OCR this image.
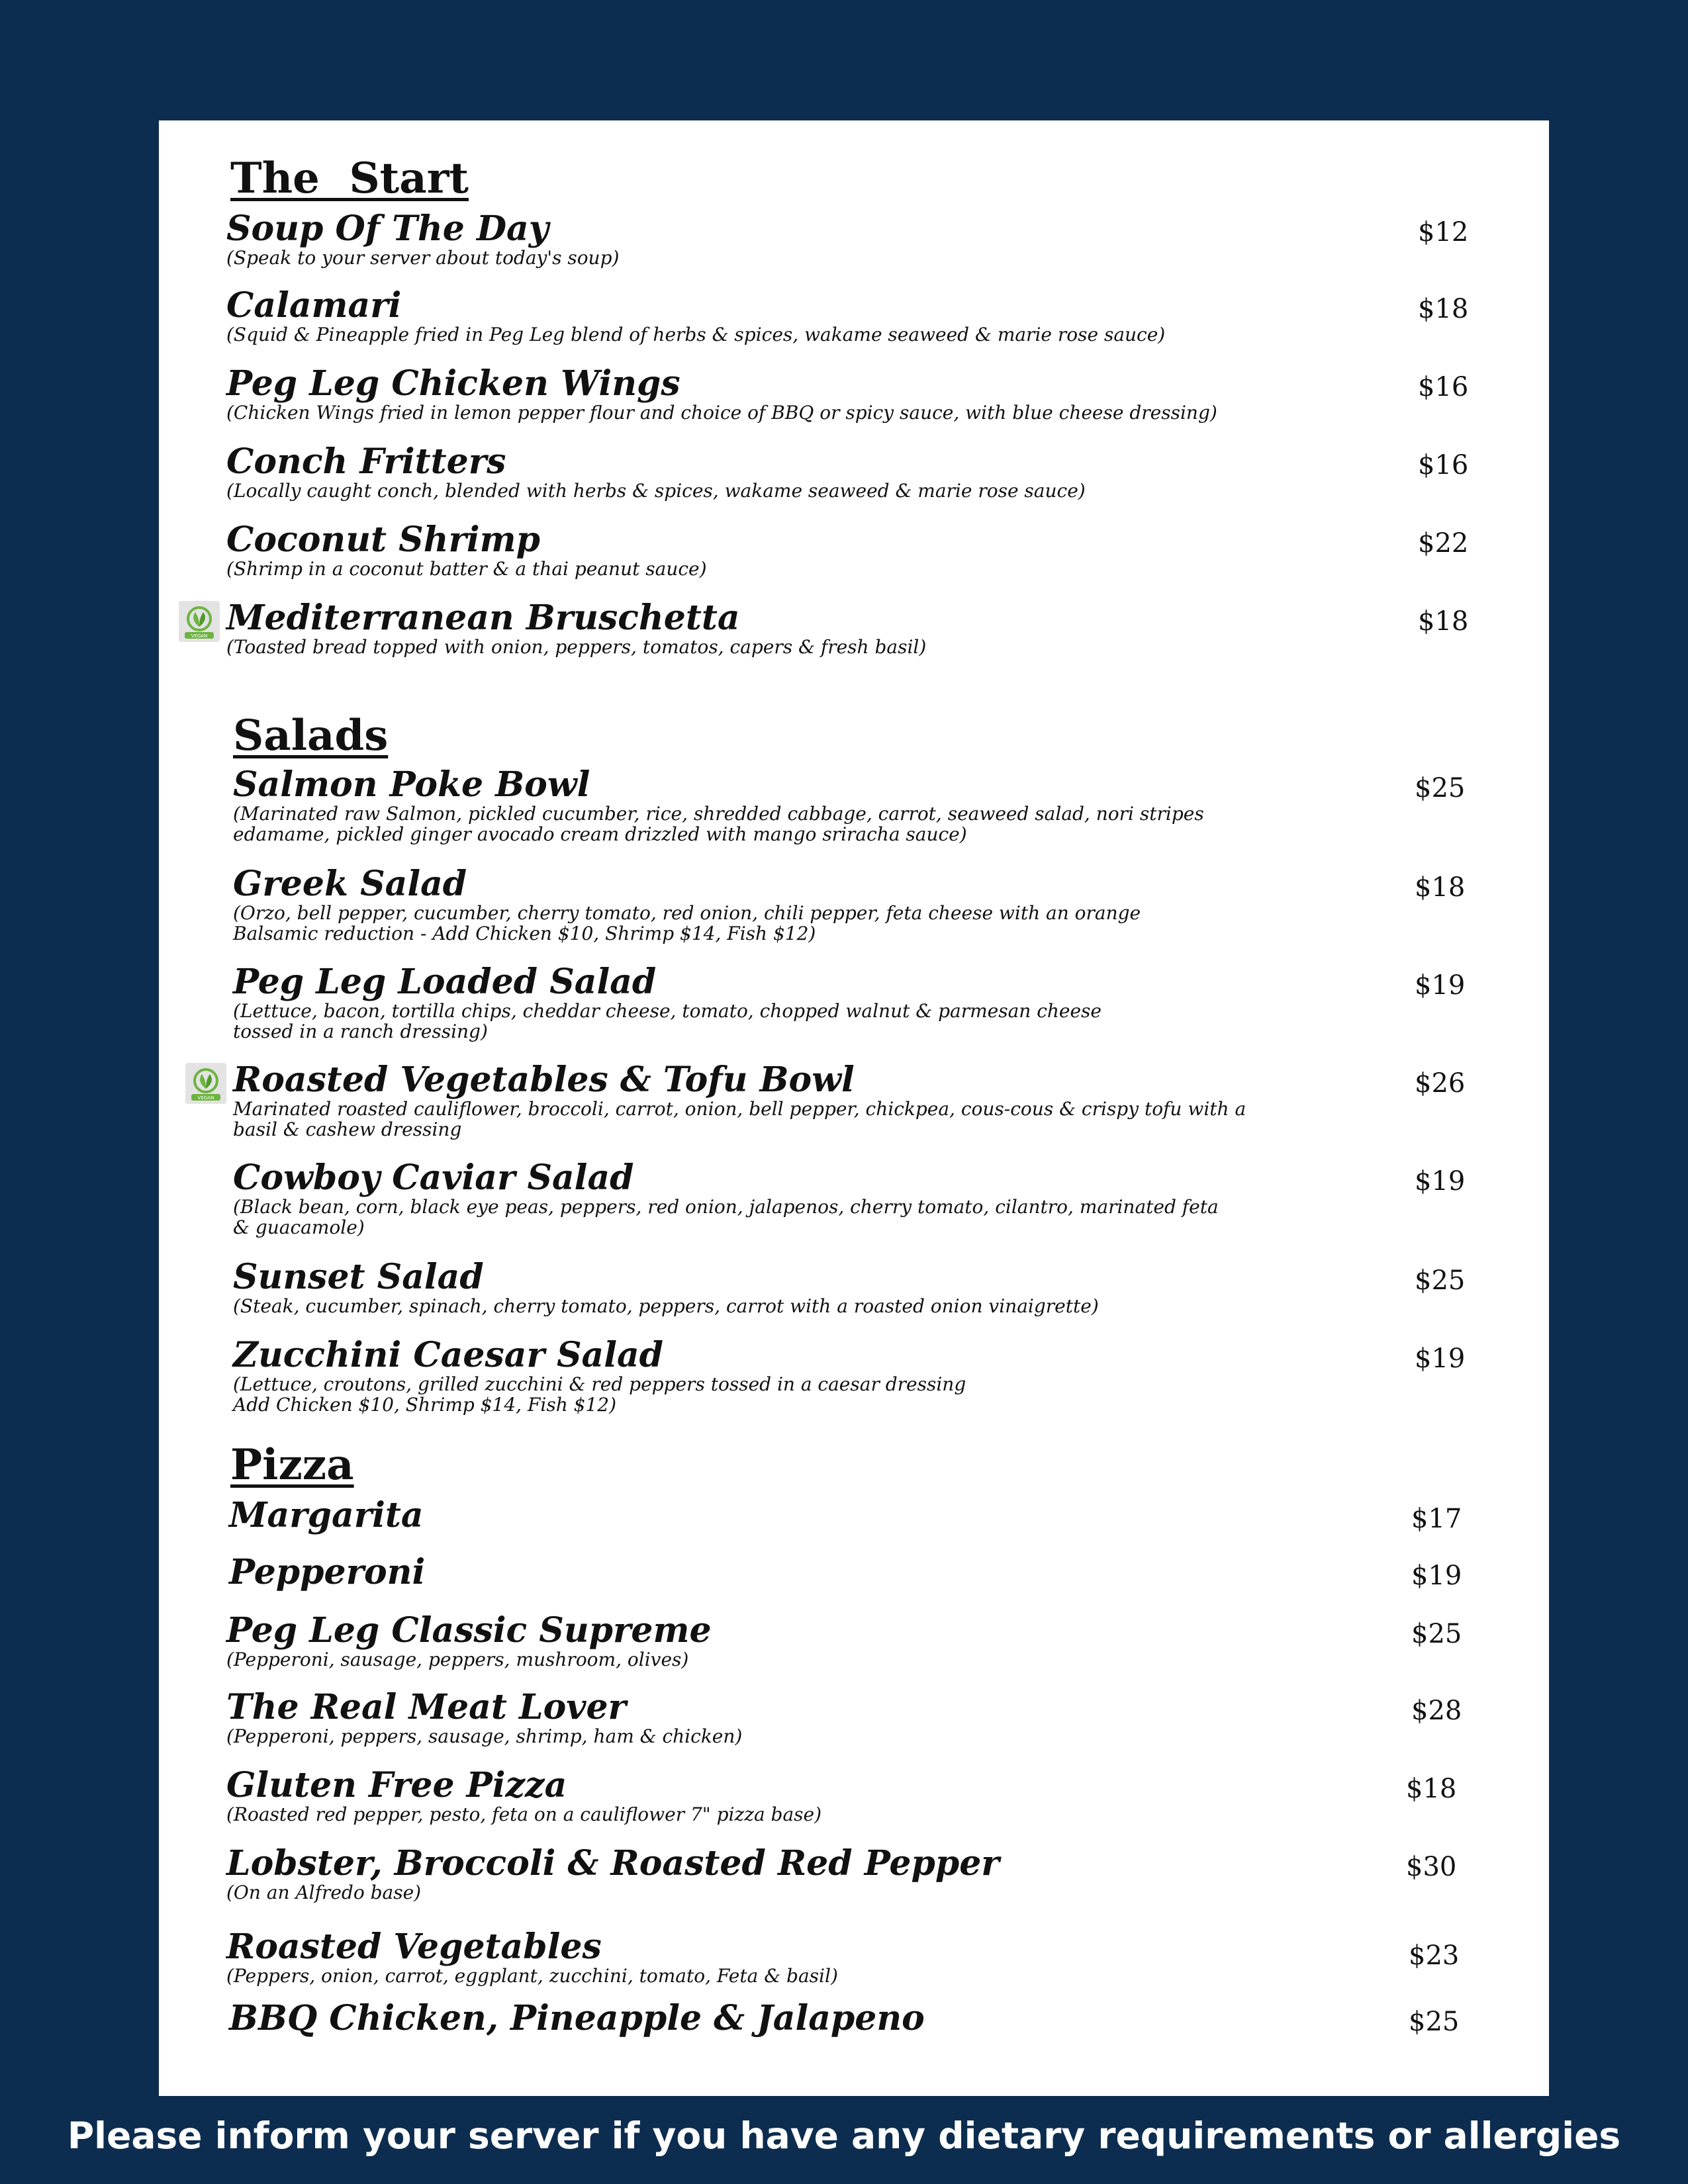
The  Start
Soup Of The Day
(Speak to your server about today's soup)
$12
Calamari
(Squid & Pineapple fried in Peg Leg blend of herbs & spices, wakame seaweed & marie rose sauce)
$18
Peg Leg Chicken Wings
(Chicken Wings fried in lemon pepper flour and choice of BBQ or spicy sauce, with blue cheese dressing)
$16
Conch Fritters
(Locally caught conch, blended with herbs & spices, wakame seaweed & marie rose sauce)
$16
Coconut Shrimp
(Shrimp in a coconut batter & a thai peanut sauce)
$22
VEGAN Mediterranean Bruschetta
(Toasted bread topped with onion, peppers, tomatos, capers & fresh basil)
$18
Salads
Salmon Poke Bowl
(Marinated raw Salmon, pickled cucumber, rice, shredded cabbage, carrot, seaweed salad, nori stripes
edamame, pickled ginger avocado cream drizzled with mango sriracha sauce)
$25
Greek Salad
(Orzo, bell pepper, cucumber, cherry tomato, red onion, chili pepper, feta cheese with an orange
Balsamic reduction - Add Chicken $10, Shrimp $14, Fish $12)
$18
Peg Leg Loaded Salad
(Lettuce, bacon, tortilla chips, cheddar cheese, tomato, chopped walnut & parmesan cheese
tossed in a ranch dressing)
$19
VEGAN Roasted Vegetables & Tofu Bowl
Marinated roasted cauliflower, broccoli, carrot, onion, bell pepper, chickpea, cous-cous & crispy tofu with a
basil & cashew dressing
$26
Cowboy Caviar Salad
(Black bean, corn, black eye peas, peppers, red onion, jalapenos, cherry tomato, cilantro, marinated feta
& guacamole)
$19
Sunset Salad
(Steak, cucumber, spinach, cherry tomato, peppers, carrot with a roasted onion vinaigrette)
$25
Zucchini Caesar Salad
(Lettuce, croutons, grilled zucchini & red peppers tossed in a caesar dressing
Add Chicken $10, Shrimp $14, Fish $12)
$19
Pizza
Margarita	$17
Pepperoni	$19
Peg Leg Classic Supreme
(Pepperoni, sausage, peppers, mushroom, olives)
$25
The Real Meat Lover
(Pepperoni, peppers, sausage, shrimp, ham & chicken)
$28
Gluten Free Pizza
(Roasted red pepper, pesto, feta on a cauliflower 7" pizza base)
$18
Lobster, Broccoli & Roasted Red Pepper
(On an Alfredo base)
$30
Roasted Vegetables
(Peppers, onion, carrot, eggplant, zucchini, tomato, Feta & basil)
$23
BBQ Chicken, Pineapple & Jalapeno	$25
Please inform your server if you have any dietary requirements or allergies
